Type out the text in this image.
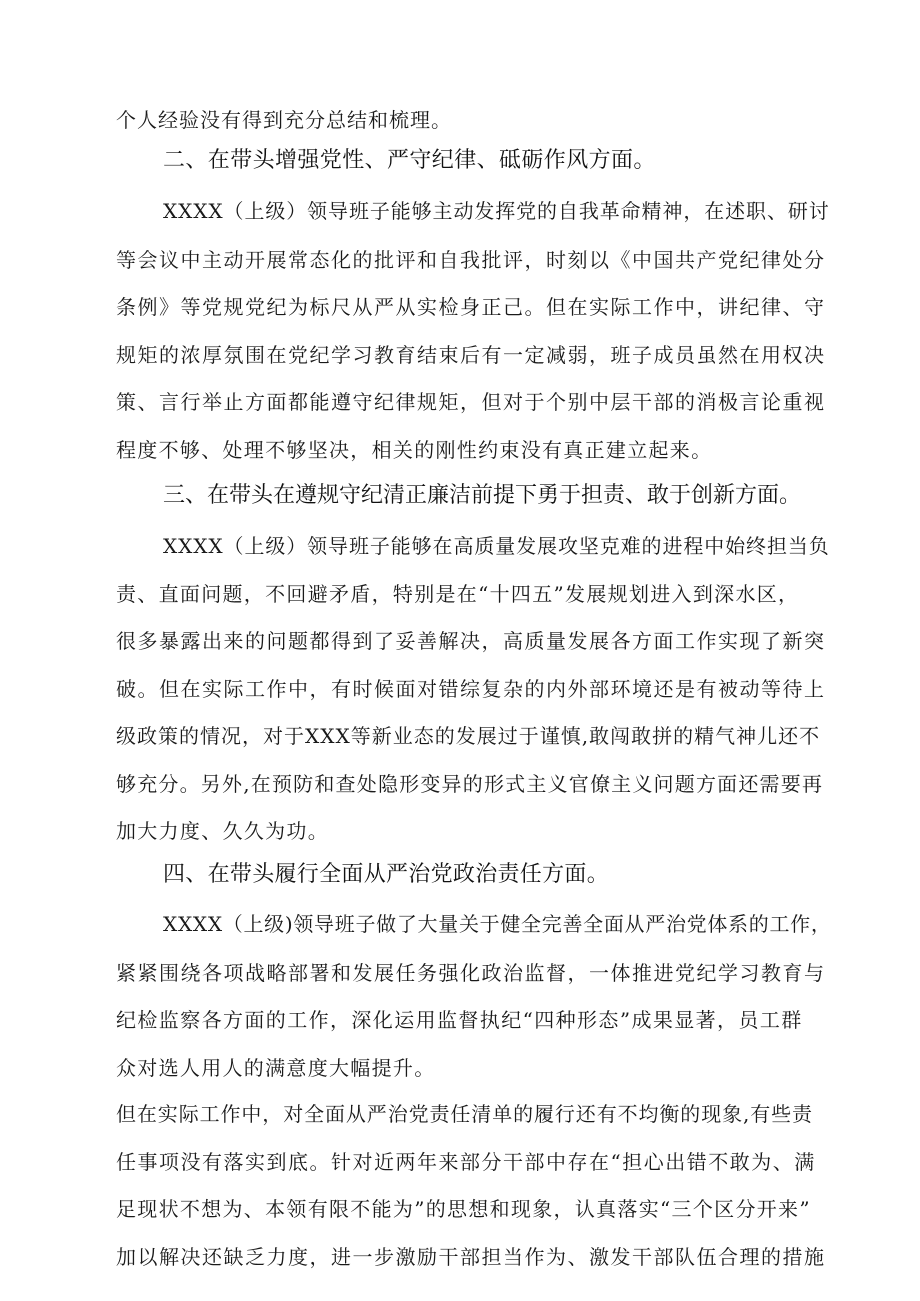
个人经验没有得到充分总结和梳理。
二、在带头增强党性、严守纪律、砥砺作风方面。
XXXX（上级）领导班子能够主动发挥党的自我革命精神，在述职、研讨
等会议中主动开展常态化的批评和自我批评，时刻以《中国共产党纪律处分
条例》等党规党纪为标尺从严从实检身正己。但在实际工作中，讲纪律、守
规矩的浓厚氛围在党纪学习教育结束后有一定减弱，班子成员虽然在用权决
策、言行举止方面都能遵守纪律规矩，但对于个别中层干部的消极言论重视
程度不够、处理不够坚决，相关的刚性约束没有真正建立起来。
三、在带头在遵规守纪清正廉洁前提下勇于担责、敢于创新方面。
XXXX（上级）领导班子能够在高质量发展攻坚克难的进程中始终担当负
责、直面问题，不回避矛盾，特别是在“十四五”发展规划进入到深水区，
很多暴露出来的问题都得到了妥善解决，高质量发展各方面工作实现了新突
破。但在实际工作中，有时候面对错综复杂的内外部环境还是有被动等待上
级政策的情况，对于XXX等新业态的发展过于谨慎,敢闯敢拼的精气神儿还不
够充分。另外,在预防和查处隐形变异的形式主义官僚主义问题方面还需要再
加大力度、久久为功。
四、在带头履行全面从严治党政治责任方面。
XXXX（上级)领导班子做了大量关于健全完善全面从严治党体系的工作，
紧紧围绕各项战略部署和发展任务强化政治监督，一体推进党纪学习教育与
纪检监察各方面的工作，深化运用监督执纪“四种形态”成果显著，员工群
众对选人用人的满意度大幅提升。
但在实际工作中，对全面从严治党责任清单的履行还有不均衡的现象,有些责
任事项没有落实到底。针对近两年来部分干部中存在“担心出错不敢为、满
足现状不想为、本领有限不能为”的思想和现象，认真落实“三个区分开来”
加以解决还缺乏力度，进一步激励干部担当作为、激发干部队伍合理的措施
